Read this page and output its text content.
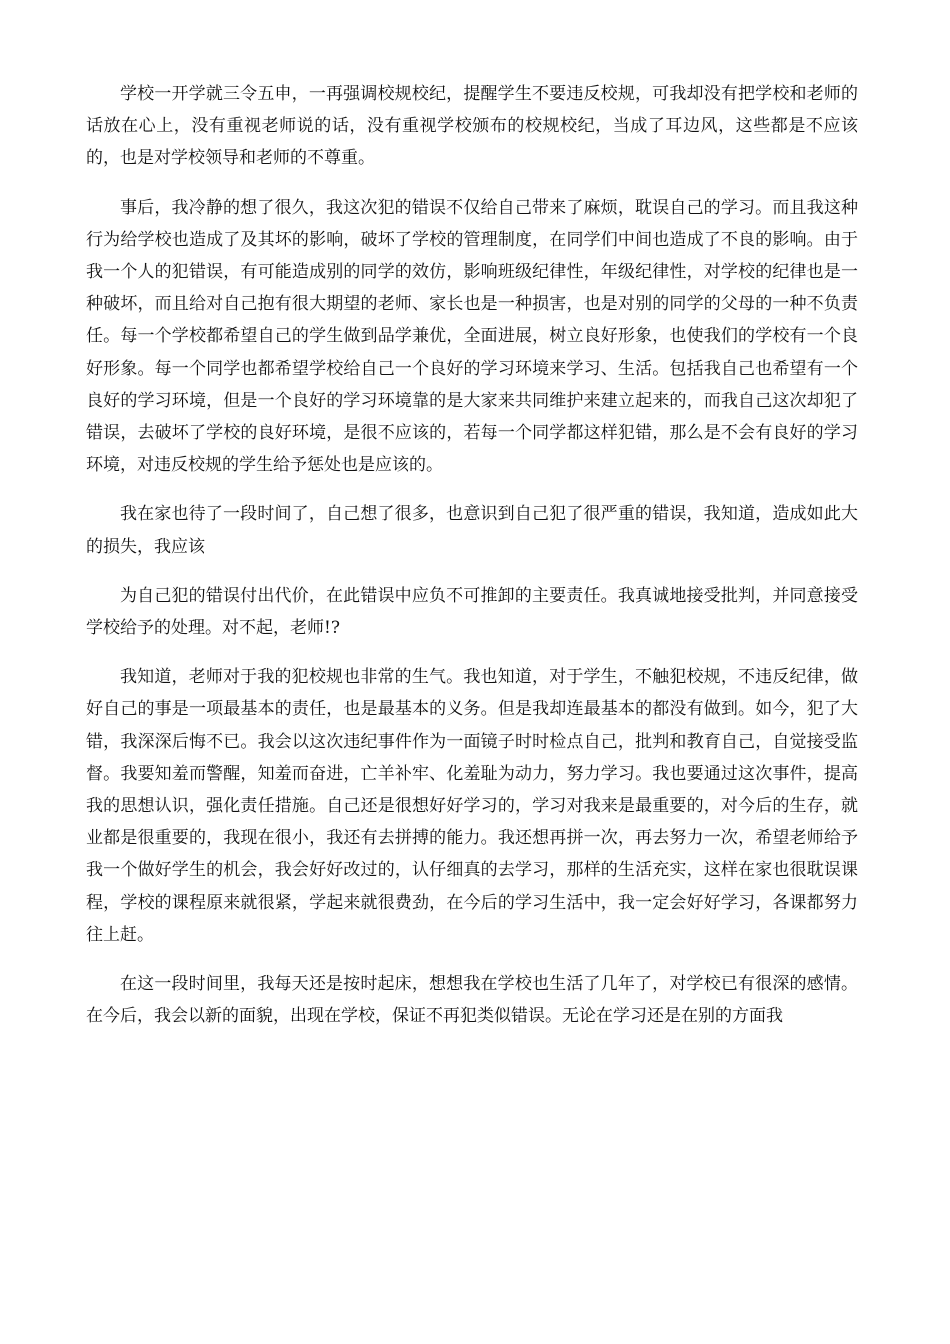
学校一开学就三令五申，一再强调校规校纪，提醒学生不要违反校规，可我却没有把学校和老师的话放在心上，没有重视老师说的话，没有重视学校颁布的校规校纪，当成了耳边风，这些都是不应该的，也是对学校领导和老师的不尊重。

事后，我冷静的想了很久，我这次犯的错误不仅给自己带来了麻烦，耽误自己的学习。而且我这种行为给学校也造成了及其坏的影响，破坏了学校的管理制度，在同学们中间也造成了不良的影响。由于我一个人的犯错误，有可能造成别的同学的效仿，影响班级纪律性，年级纪律性，对学校的纪律也是一种破坏，而且给对自己抱有很大期望的老师、家长也是一种损害，也是对别的同学的父母的一种不负责任。每一个学校都希望自己的学生做到品学兼优，全面进展，树立良好形象，也使我们的学校有一个良好形象。每一个同学也都希望学校给自己一个良好的学习环境来学习、生活。包括我自己也希望有一个良好的学习环境，但是一个良好的学习环境靠的是大家来共同维护来建立起来的，而我自己这次却犯了错误，去破坏了学校的良好环境，是很不应该的，若每一个同学都这样犯错，那么是不会有良好的学习环境，对违反校规的学生给予惩处也是应该的。

我在家也待了一段时间了，自己想了很多，也意识到自己犯了很严重的错误，我知道，造成如此大的损失，我应该

为自己犯的错误付出代价，在此错误中应负不可推卸的主要责任。我真诚地接受批判，并同意接受学校给予的处理。对不起，老师!?

我知道，老师对于我的犯校规也非常的生气。我也知道，对于学生，不触犯校规，不违反纪律，做好自己的事是一项最基本的责任，也是最基本的义务。但是我却连最基本的都没有做到。如今，犯了大错，我深深后悔不已。我会以这次违纪事件作为一面镜子时时检点自己，批判和教育自己，自觉接受监督。我要知羞而警醒，知羞而奋进，亡羊补牢、化羞耻为动力，努力学习。我也要通过这次事件，提高我的思想认识，强化责任措施。自己还是很想好好学习的，学习对我来是最重要的，对今后的生存，就业都是很重要的，我现在很小，我还有去拼搏的能力。我还想再拼一次，再去努力一次，希望老师给予我一个做好学生的机会，我会好好改过的，认仔细真的去学习，那样的生活充实，这样在家也很耽误课程，学校的课程原来就很紧，学起来就很费劲，在今后的学习生活中，我一定会好好学习，各课都努力往上赶。

在这一段时间里，我每天还是按时起床，想想我在学校也生活了几年了，对学校已有很深的感情。在今后，我会以新的面貌，出现在学校，保证不再犯类似错误。无论在学习还是在别的方面我
